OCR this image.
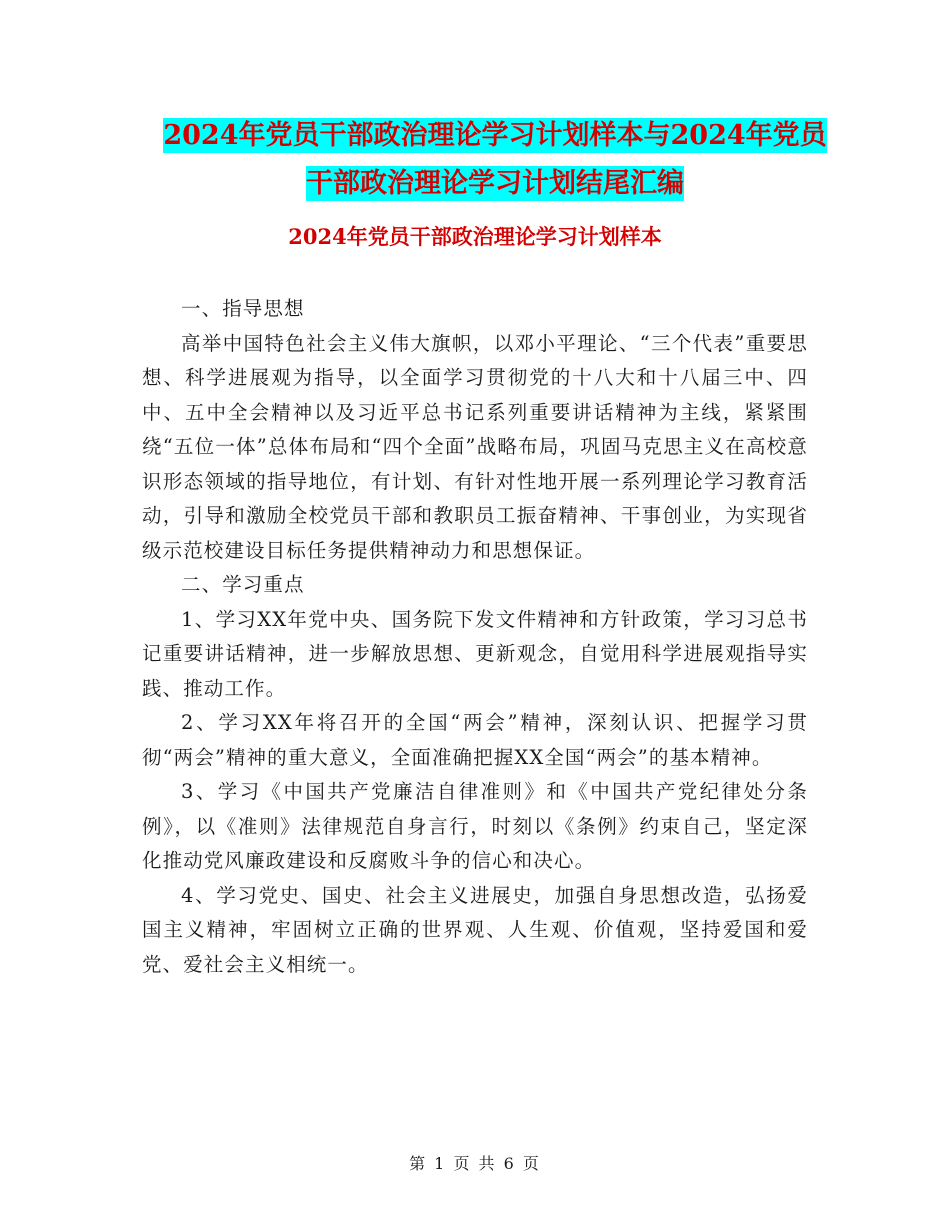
2024年党员干部政治理论学习计划样本与2024年党员
干部政治理论学习计划结尾汇编
2024年党员干部政治理论学习计划样本

一、指导思想

高举中国特色社会主义伟大旗帜，以邓小平理论、“三个代表”重要思想、科学进展观为指导，以全面学习贯彻党的十八大和十八届三中、四中、五中全会精神以及习近平总书记系列重要讲话精神为主线，紧紧围绕“五位一体”总体布局和“四个全面”战略布局，巩固马克思主义在高校意识形态领域的指导地位，有计划、有针对性地开展一系列理论学习教育活动，引导和激励全校党员干部和教职员工振奋精神、干事创业，为实现省级示范校建设目标任务提供精神动力和思想保证。

二、学习重点

1、学习XX年党中央、国务院下发文件精神和方针政策，学习习总书记重要讲话精神，进一步解放思想、更新观念，自觉用科学进展观指导实践、推动工作。

2、学习XX年将召开的全国“两会”精神，深刻认识、把握学习贯彻“两会”精神的重大意义，全面准确把握XX全国“两会”的基本精神。

3、学习《中国共产党廉洁自律准则》和《中国共产党纪律处分条例》，以《准则》法律规范自身言行，时刻以《条例》约束自己，坚定深化推动党风廉政建设和反腐败斗争的信心和决心。

4、学习党史、国史、社会主义进展史，加强自身思想改造，弘扬爱国主义精神，牢固树立正确的世界观、人生观、价值观，坚持爱国和爱党、爱社会主义相统一。

第 1 页 共 6 页
